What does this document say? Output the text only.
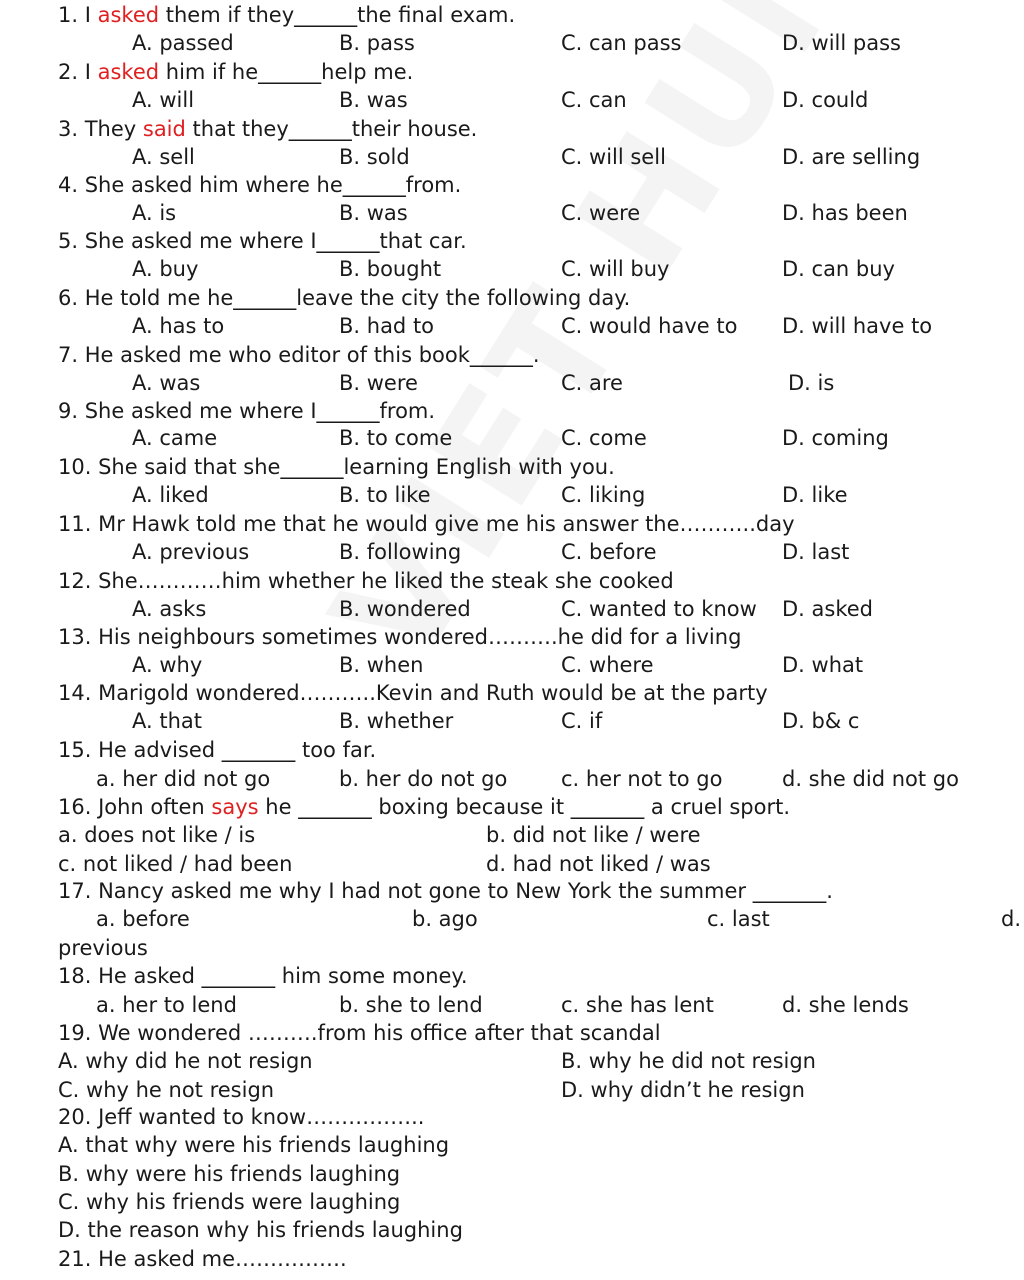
1. I asked them if they______the final exam.
A. passed	B. pass	C. can pass	D. will pass
2. I asked him if he______help me.
A. will	B. was	C. can	D. could
3. They said that they______their house.
A. sell	B. sold	C. will sell	D. are selling
4. She asked him where he______from.
A. is	B. was	C. were	D. has been
5. She asked me where I______that car.
A. buy	B. bought	C. will buy	D. can buy
6. He told me he______leave the city the following day.
A. has to	B. had to	C. would have to D. will have to
7. He asked me who editor of this book______.
A. was	B. were	C. are	D. is
9. She asked me where I______from.
A. came	B. to come	C. come	D. coming
10. She said that she______learning English with you.
A. liked	B. to like	C. liking	D. like
11. Mr Hawk told me that he would give me his answer the………..day
A. previous	B. following	C. before	D. last
12. She…………him whether he liked the steak she cooked
A. asks	B. wondered	C. wanted to know D. asked
13. His neighbours sometimes wondered……….he did for a living
A. why	B. when	C. where	D. what
14. Marigold wondered………..Kevin and Ruth would be at the party
A. that	B. whether	C. if	D. b& c
15. He advised _______ too far.
a. her did not go	b. her do not go	c. her not to go	d. she did not go
16. John often says he _______ boxing because it _______ a cruel sport.
a. does not like / is	b. did not like / were
c. not liked / had been	d. had not liked / was
17. Nancy asked me why I had not gone to New York the summer _______.
a. before	b. ago	c. last	d.
previous
18. He asked _______ him some money.
a. her to lend	b. she to lend	c. she has lent	d. she lends
19. We wondered ……….from his office after that scandal
A. why did he not resign	B. why he did not resign
C. why he not resign	D. why didn’t he resign
20. Jeff wanted to know……………..
A. that why were his friends laughing
B. why were his friends laughing
C. why his friends were laughing
D. the reason why his friends laughing
21. He asked me…………….
